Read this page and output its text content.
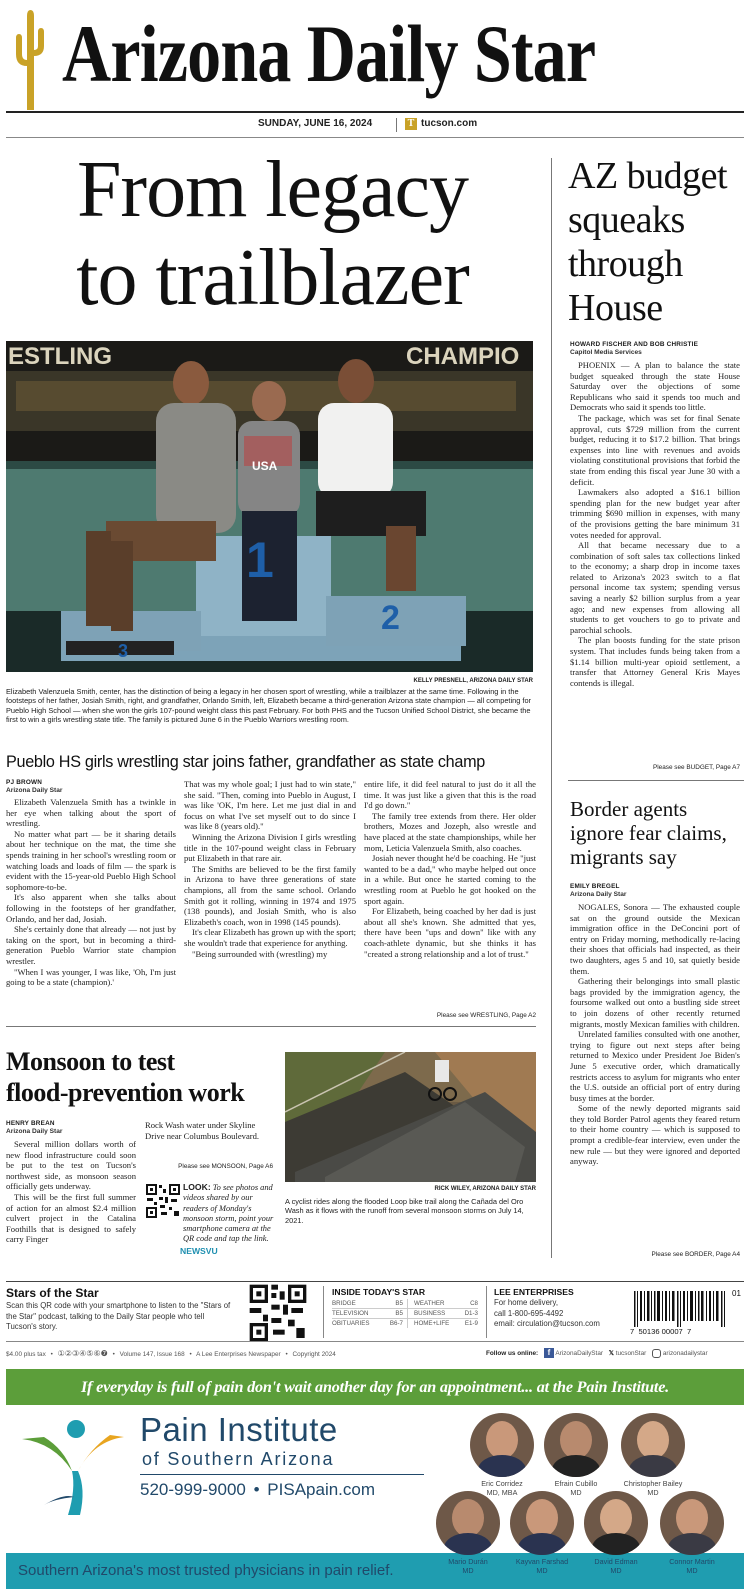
Arizona Daily Star
SUNDAY, JUNE 16, 2024	T tucson.com
From legacy
to trailblazer
ESTLING	CHAMPIO
USA
1
2
3
KELLY PRESNELL, ARIZONA DAILY STAR
Elizabeth Valenzuela Smith, center, has the distinction of being a legacy in her chosen sport of wrestling, while a trailblazer at the same time. Following in the footsteps of her father, Josiah Smith, right, and grandfather, Orlando Smith, left, Elizabeth became a third-generation Arizona state champion — all competing for Pueblo High School — when she won the girls 107-pound weight class this past February. For both PHS and the Tucson Unified School District, she became the first to win a girls wrestling state title. The family is pictured June 6 in the Pueblo Warriors wrestling room.
Pueblo HS girls wrestling star joins father, grandfather as state champ
PJ BROWN
Arizona Daily Star

Elizabeth Valenzuela Smith has a twinkle in her eye when talking about the sport of wrestling.

No matter what part — be it sharing details about her technique on the mat, the time she spends training in her school's wrestling room or watching loads and loads of film — the spark is evident with the 15-year-old Pueblo High School sophomore-to-be.

It's also apparent when she talks about following in the footsteps of her grandfather, Orlando, and her dad, Josiah.

She's certainly done that already — not just by taking on the sport, but in becoming a third-generation Pueblo Warrior state champion wrestler.

"When I was younger, I was like, 'Oh, I'm just going to be a state (champion).'

That was my whole goal; I just had to win state," she said. "Then, coming into Pueblo in August, I was like 'OK, I'm here. Let me just dial in and focus on what I've set myself out to do since I was like 8 (years old)."

Winning the Arizona Division I girls wrestling title in the 107-pound weight class in February put Elizabeth in that rare air.

The Smiths are believed to be the first family in Arizona to have three generations of state champions, all from the same school. Orlando Smith got it rolling, winning in 1974 and 1975 (138 pounds), and Josiah Smith, who is also Elizabeth's coach, won in 1998 (145 pounds).

It's clear Elizabeth has grown up with the sport; she wouldn't trade that experience for anything.

"Being surrounded with (wrestling) my

entire life, it did feel natural to just do it all the time. It was just like a given that this is the road I'd go down."

The family tree extends from there. Her older brothers, Mozes and Jozeph, also wrestle and have placed at the state championships, while her mom, Leticia Valenzuela Smith, also coaches.

Josiah never thought he'd be coaching. He "just wanted to be a dad," who maybe helped out once in a while. But once he started coming to the wrestling room at Pueblo he got hooked on the sport again.

For Elizabeth, being coached by her dad is just about all she's known. She admitted that yes, there have been "ups and down" like with any coach-athlete dynamic, but she thinks it has "created a strong relationship and a lot of trust."

Please see WRESTLING, Page A2
AZ budget
squeaks
through
House
HOWARD FISCHER AND BOB CHRISTIE
Capitol Media Services

PHOENIX — A plan to balance the state budget squeaked through the state House Saturday over the objections of some Republicans who said it spends too much and Democrats who said it spends too little.

The package, which was set for final Senate approval, cuts $729 million from the current budget, reducing it to $17.2 billion. That brings expenses into line with revenues and avoids violating constitutional provisions that forbid the state from ending this fiscal year June 30 with a deficit.

Lawmakers also adopted a $16.1 billion spending plan for the new budget year after trimming $690 million in expenses, with many of the provisions getting the bare minimum 31 votes needed for approval.

All that became necessary due to a combination of soft sales tax collections linked to the economy; a sharp drop in income taxes related to Arizona's 2023 switch to a flat personal income tax system; spending versus saving a nearly $2 billion surplus from a year ago; and new expenses from allowing all students to get vouchers to go to private and parochial schools.

The plan boosts funding for the state prison system. That includes funds being taken from a $1.14 billion multi-year opioid settlement, a transfer that Attorney General Kris Mayes contends is illegal.

Please see BUDGET, Page A7
Border agents
ignore fear claims,
migrants say
EMILY BREGEL
Arizona Daily Star

NOGALES, Sonora — The exhausted couple sat on the ground outside the Mexican immigration office in the DeConcini port of entry on Friday morning, methodically re-lacing their shoes that officials had inspected, as their two daughters, ages 5 and 10, sat quietly beside them.

Gathering their belongings into small plastic bags provided by the immigration agency, the foursome walked out onto a bustling side street to join dozens of other recently returned migrants, mostly Mexican families with children.

Unrelated families consulted with one another, trying to figure out next steps after being returned to Mexico under President Joe Biden's June 5 executive order, which dramatically restricts access to asylum for migrants who enter the U.S. outside an official port of entry during busy times at the border.

Some of the newly deported migrants said they told Border Patrol agents they feared return to their home country — which is supposed to prompt a credible-fear interview, even under the new rule — but they were ignored and deported anyway.

Please see BORDER, Page A4
Monsoon to test
flood-prevention work
HENRY BREAN
Arizona Daily Star

Several million dollars worth of new flood infrastructure could soon be put to the test on Tucson's northwest side, as monsoon season officially gets underway.

This will be the first full summer of action for an almost $2.4 million culvert project in the Catalina Foothills that is designed to safely carry Finger

Rock Wash water under Skyline Drive near Columbus Boulevard.

Please see MONSOON, Page A6
LOOK: To see photos and videos shared by our readers of Monday's monsoon storm, point your smartphone camera at the QR code and tap the link.
NEWSVU
RICK WILEY, ARIZONA DAILY STAR
A cyclist rides along the flooded Loop bike trail along the Cañada del Oro Wash as it flows with the runoff from several monsoon storms on July 14, 2021.
Stars of the Star
Scan this QR code with your smartphone to listen to the "Stars of the Star" podcast, talking to the Daily Star people who tell Tucson's story.
INSIDE TODAY'S STAR
BRIDGE	B5	WEATHER	C8
TELEVISION	B5	BUSINESS	D1-3
OBITUARIES	B6-7	HOME+LIFE	E1-9
LEE ENTERPRISES
For home delivery,
call 1-800-695-4492
email: circulation@tucson.com
01
7  50136 00007  7
$4.00 plus tax • ①②③④⑤⑥❼ • Volume 147, Issue 168 • A Lee Enterprises Newspaper • Copyright 2024	Follow us online: f ArizonaDailyStar 𝕏 tucsonStar	arizonadailystar
If everyday is full of pain don't wait another day for an appointment... at the Pain Institute.
Pain Institute
of Southern Arizona
520-999-9000 • PISApain.com	Eric Corridez
MD, MBA
Efrain Cubillo
MD
Christopher Bailey
MD
Southern Arizona's most trusted physicians in pain relief.
Mario Durán
MD
Kayvan Farshad
MD
David Edman
MD
Connor Martin
MD
